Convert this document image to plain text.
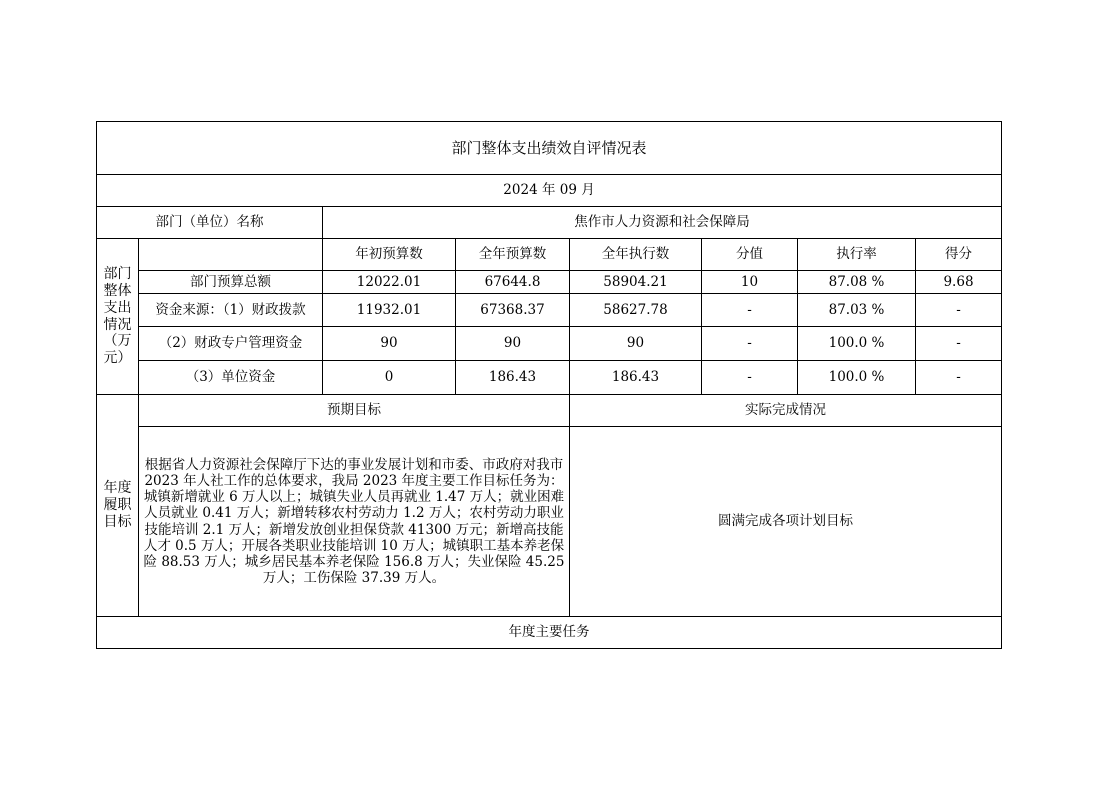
部门整体支出绩效自评情况表							
2024 年 09 月							
部门（单位）名称		焦作市人力资源和社会保障局					
部门整体支出情况（万元）		年初预算数	全年预算数	全年执行数	分值	执行率	得分
	部门预算总额	12022.01	67644.8	58904.21	10	87.08 %	9.68
	资金来源：（1）财政拨款	11932.01	67368.37	58627.78	-	87.03 %	-
	（2）财政专户管理资金	90	90	90	-	100.0 %	-
	（3）单位资金	0	186.43	186.43	-	100.0 %	-
年度履职目标	预期目标			实际完成情况			

	根据省人力资源社会保障厅下达的事业发展计划和市委、市政府对我市 2023 年人社工作的总体要求，我局 2023 年度主要工作目标任务为：城镇新增就业 6 万人以上；城镇失业人员再就业 1.47 万人；就业困难人员就业 0.41 万人；新增转移农村劳动力 1.2 万人；农村劳动力职业技能培训 2.1 万人；新增发放创业担保贷款 41300 万元；新增高技能人才 0.5 万人；开展各类职业技能培训 10 万人；城镇职工基本养老保险 88.53 万人；城乡居民基本养老保险 156.8 万人；失业保险 45.25 万人；工伤保险 37.39 万人。			圆满完成各项计划目标			
年度主要任务							
